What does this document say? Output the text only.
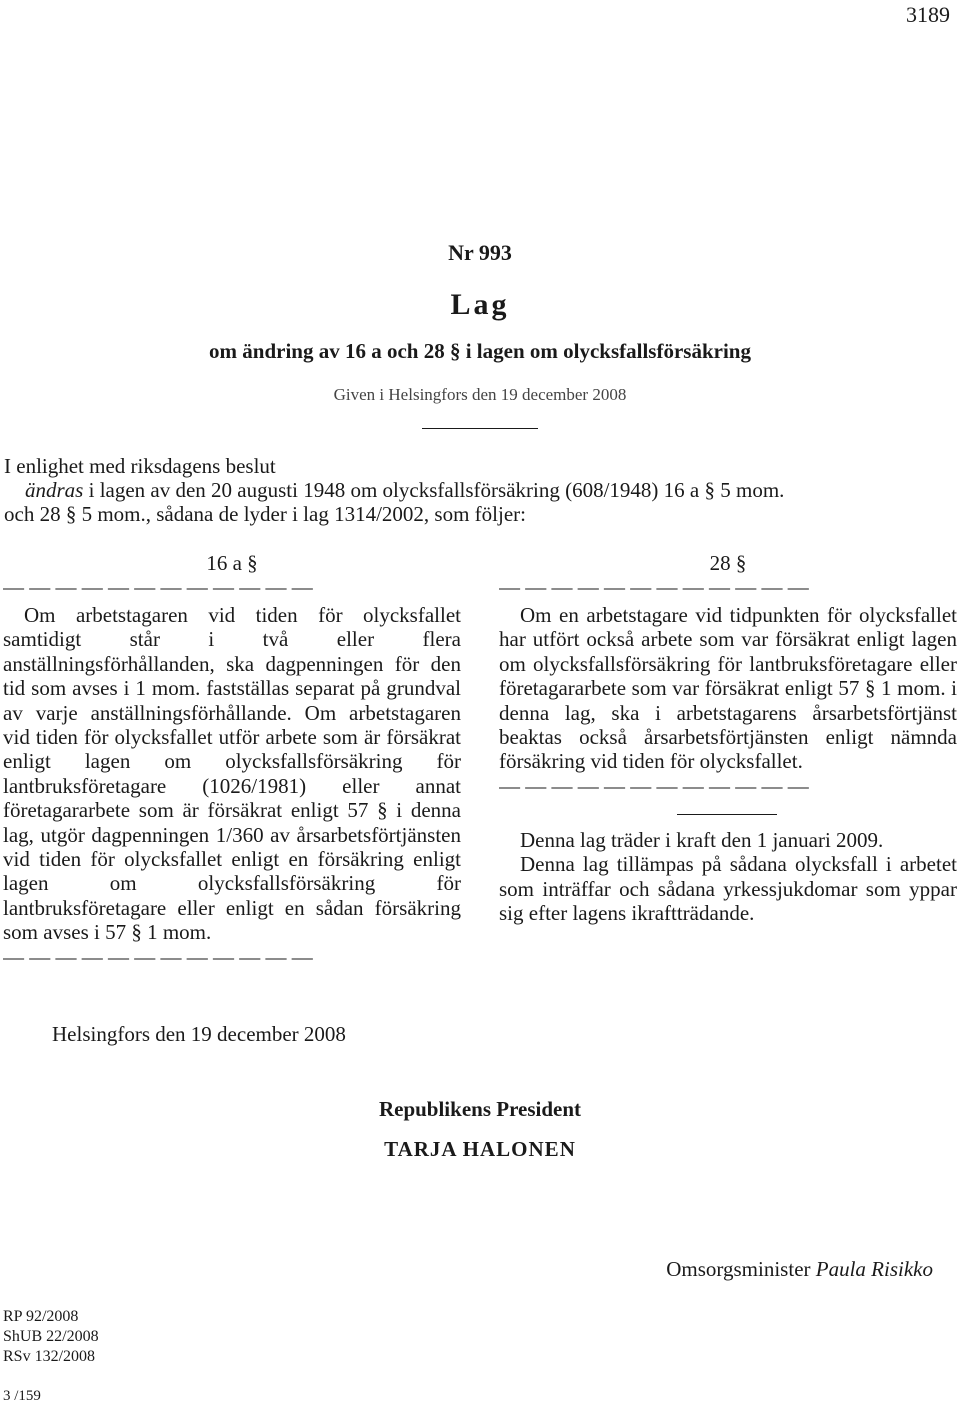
3189
Nr 993
Lag
om ändring av 16 a och 28 § i lagen om olycksfallsförsäkring
Given i Helsingfors den 19 december 2008

I enlighet med riksdagens beslut

ändras i lagen av den 20 augusti 1948 om olycksfallsförsäkring (608/1948) 16 a § 5 mom.

och 28 § 5 mom., sådana de lyder i lag 1314/2002, som följer:

16 a §
— — — — — — — — — — — —

Om arbetstagaren vid tiden för olycksfallet samtidigt står i två eller flera anställningsförhållanden, ska dagpenningen för den tid som avses i 1 mom. fastställas separat på grundval av varje anställningsförhållande. Om arbetstagaren vid tiden för olycksfallet utför arbete som är försäkrat enligt lagen om olycksfallsförsäkring för lantbruksföretagare (1026/1981) eller annat företagararbete som är försäkrat enligt 57 § i denna lag, utgör dagpenningen 1/360 av årsarbetsförtjänsten vid tiden för olycksfallet enligt en försäkring enligt lagen om olycksfallsförsäkring för lantbruksföretagare eller enligt en sådan försäkring som avses i 57 § 1 mom.

— — — — — — — — — — — —
28 §
— — — — — — — — — — — —

Om en arbetstagare vid tidpunkten för olycksfallet har utfört också arbete som var försäkrat enligt lagen om olycksfallsförsäkring för lantbruksföretagare eller företagararbete som var försäkrat enligt 57 § 1 mom. i denna lag, ska i arbetstagarens årsarbetsförtjänst beaktas också årsarbetsförtjänsten enligt nämnda försäkring vid tiden för olycksfallet.

— — — — — — — — — — — —

Denna lag träder i kraft den 1 januari 2009.

Denna lag tillämpas på sådana olycksfall i arbetet som inträffar och sådana yrkessjukdomar som yppar sig efter lagens ikraftträdande.

Helsingfors den 19 december 2008
Republikens President
TARJA HALONEN
Omsorgsminister Paula Risikko
RP 92/2008
ShUB 22/2008
RSv 132/2008
3 /159
